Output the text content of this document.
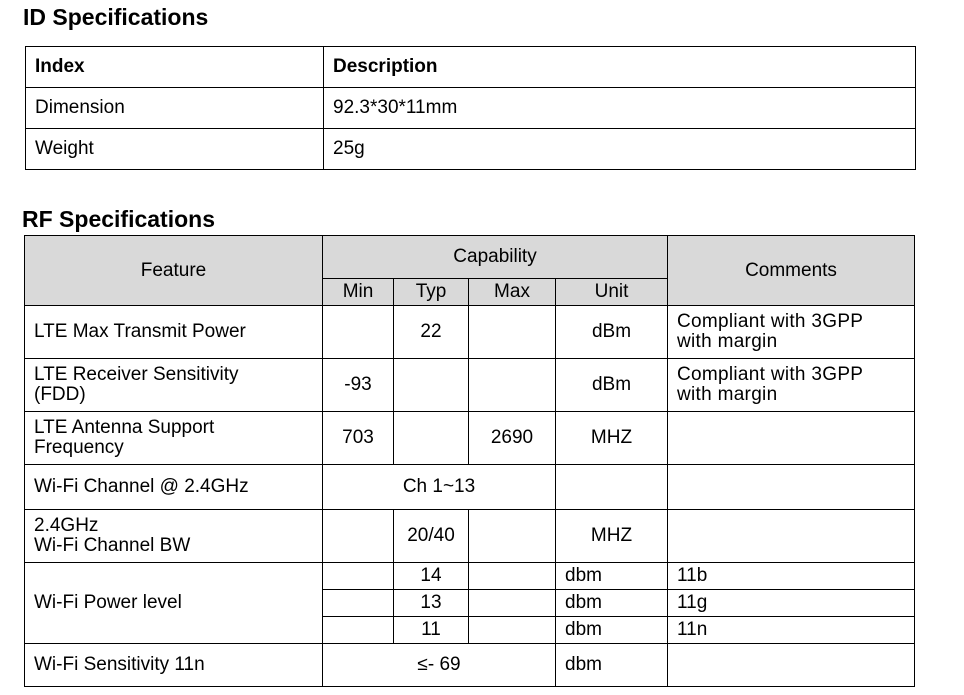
ID Specifications
Index	Description
Dimension	92.3*30*11mm
Weight	25g
RF Specifications
Feature	Capability				Comments
	Min	Typ	Max	Unit	
LTE Max Transmit Power		22		dBm	Compliant with 3GPP
with margin
LTE Receiver Sensitivity
(FDD)	-93			dBm	Compliant with 3GPP
with margin
LTE Antenna Support
Frequency	703		2690	MHZ	
Wi-Fi Channel @ 2.4GHz	Ch 1~13				
2.4GHz
Wi-Fi Channel BW		20/40		MHZ	
Wi-Fi Power level		14		dbm	11b
		13		dbm	11g
		11		dbm	11n
Wi-Fi Sensitivity 11n	≤- 69			dbm	
